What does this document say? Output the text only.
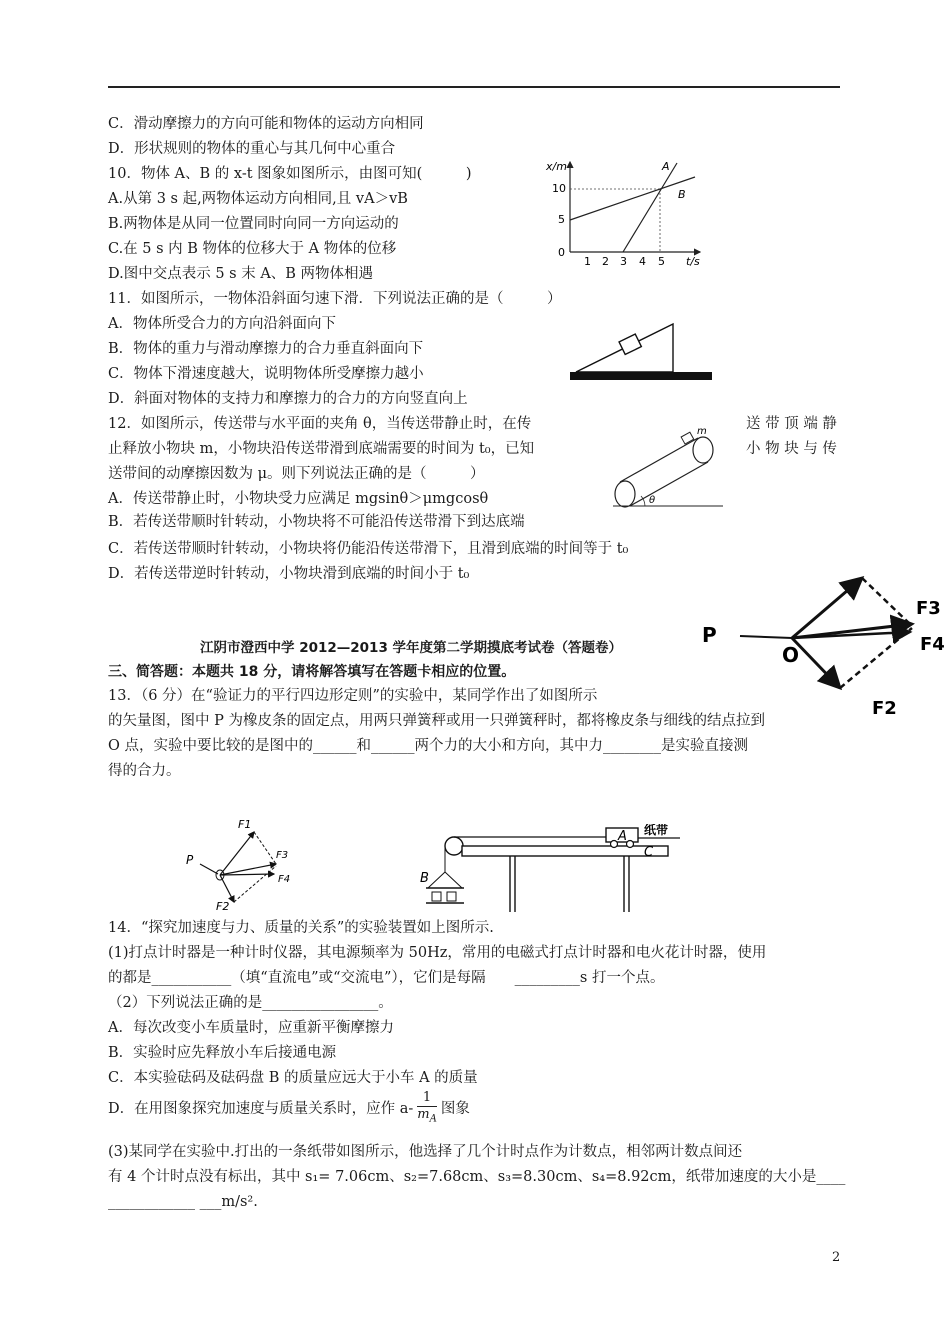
C．滑动摩擦力的方向可能和物体的运动方向相同
D．形状规则的物体的重心与其几何中心重合
10．物体 A、B 的 x-t 图象如图所示，由图可知(　　　)
A.从第 3 s 起,两物体运动方向相同,且 vA＞vB
B.两物体是从同一位置同时向同一方向运动的
C.在 5 s 内 B 物体的位移大于 A 物体的位移
D.图中交点表示 5 s 末 A、B 两物体相遇
11．如图所示，一物体沿斜面匀速下滑．下列说法正确的是（　　　）
A．物体所受合力的方向沿斜面向下
B．物体的重力与滑动摩擦力的合力垂直斜面向下
C．物体下滑速度越大，说明物体所受摩擦力越小
D．斜面对物体的支持力和摩擦力的合力的方向竖直向上
12．如图所示，传送带与水平面的夹角 θ，当传送带静止时，在传	送 带 顶 端 静
止释放小物块 m，小物块沿传送带滑到底端需要的时间为 t₀，已知	小 物 块 与 传
送带间的动摩擦因数为 μ。则下列说法正确的是（　　　）
A．传送带静止时，小物块受力应满足 mgsinθ＞μmgcosθ
B．若传送带顺时针转动，小物块将不可能沿传送带滑下到达底端
C．若传送带顺时针转动，小物块将仍能沿传送带滑下，且滑到底端的时间等于 t₀
D．若传送带逆时针转动，小物块滑到底端的时间小于 t₀
江阴市澄西中学 2012—2013 学年度第二学期摸底考试卷（答题卷）
三、简答题：本题共 18 分，请将解答填写在答题卡相应的位置。
13．（6 分）在“验证力的平行四边形定则”的实验中，某同学作出了如图所示
的矢量图，图中 P 为橡皮条的固定点，用两只弹簧秤或用一只弹簧秤时，都将橡皮条与细线的结点拉到
O 点，实验中要比较的是图中的______和______两个力的大小和方向，其中力________是实验直接测
得的合力。
14．“探究加速度与力、质量的关系”的实验装置如上图所示.
(1)打点计时器是一种计时仪器，其电源频率为 50Hz，常用的电磁式打点计时器和电火花计时器，使用
的都是___________（填“直流电”或“交流电”），它们是每隔　　_________s 打一个点。
（2）下列说法正确的是________________。
A．每次改变小车质量时，应重新平衡摩擦力
B．实验时应先释放小车后接通电源
C．本实验砝码及砝码盘 B 的质量应远大于小车 A 的质量
D．在用图象探究加速度与质量关系时，应作 $a- \frac{1}{m_A}$ 图象
(3)某同学在实验中.打出的一条纸带如图所示，他选择了几个计时点作为计数点，相邻两计数点间还
有 4 个计时点没有标出，其中 s₁= 7.06cm、s₂=7.68cm、s₃=8.30cm、s₄=8.92cm，纸带加速度的大小是____
____________ ___m/s².
2
x/m
t/s
10
5
0
1 2 3 4 5
A
B
m
θ
P
O
F3
F4
F2
P
F1
F3
F4
F2
B
A 纸带
C
